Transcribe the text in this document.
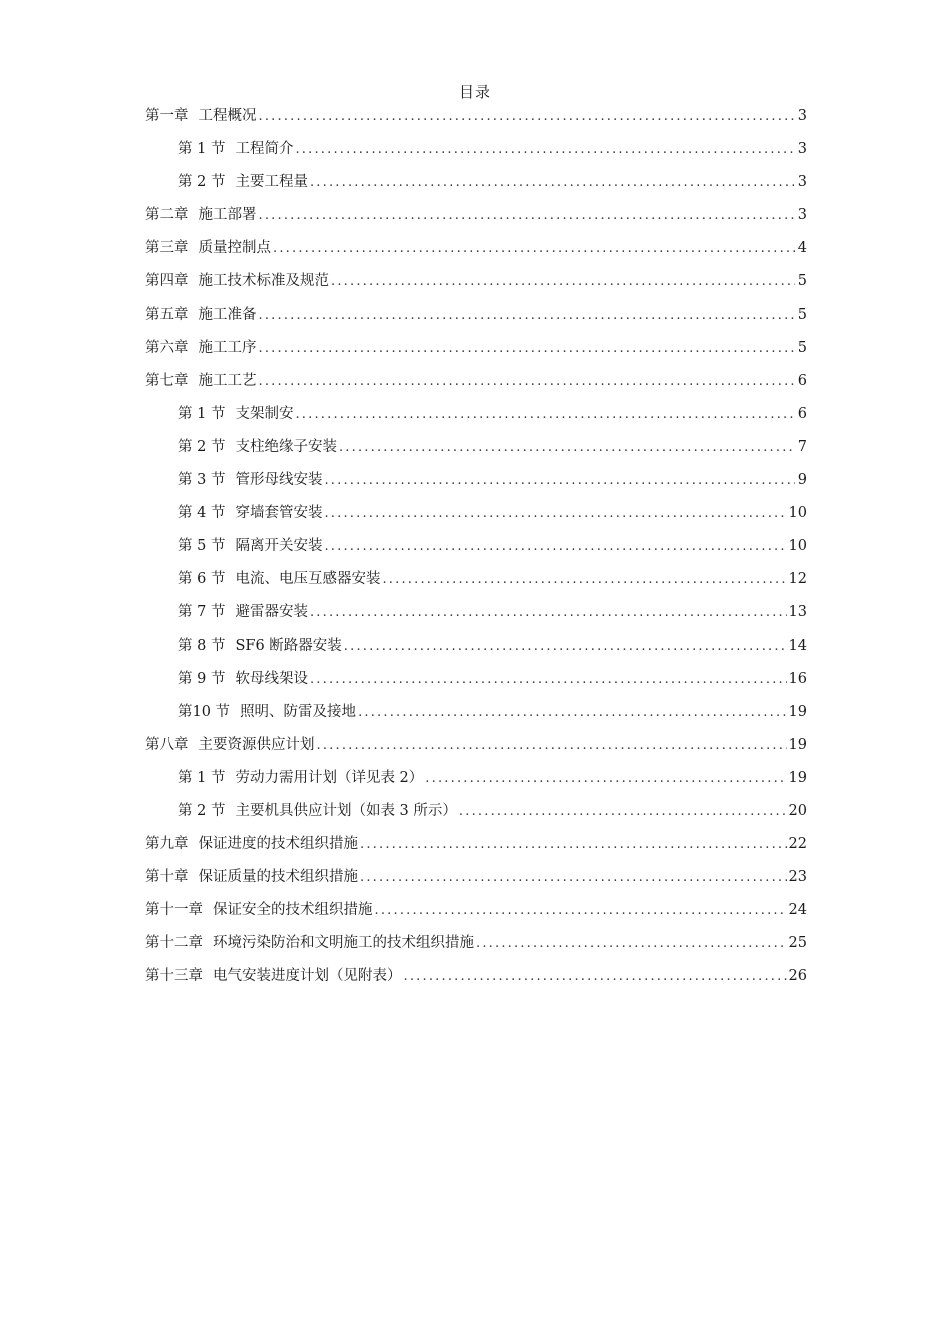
目录
第一章 工程概况 .....	3
第 1 节 工程简介 .....	3
第 2 节 主要工程量 .....	3
第二章 施工部署 .....	3
第三章 质量控制点 .....	4
第四章 施工技术标准及规范 .....	5
第五章 施工准备 .....	5
第六章 施工工序 .....	5
第七章 施工工艺 .....	6
第 1 节 支架制安 .....	6
第 2 节 支柱绝缘子安装 .....	7
第 3 节 管形母线安装 .....	9
第 4 节 穿墙套管安装 .....	10
第 5 节 隔离开关安装 .....	10
第 6 节 电流、电压互感器安装 .....	12
第 7 节 避雷器安装 .....	13
第 8 节 SF6 断路器安装 .....	14
第 9 节 软母线架设 .....	16
第10 节 照明、防雷及接地 .....	19
第八章 主要资源供应计划 .....	19
第 1 节 劳动力需用计划（详见表 2） .....	19
第 2 节 主要机具供应计划（如表 3 所示） .....	20
第九章 保证进度的技术组织措施 .....	22
第十章 保证质量的技术组织措施 .....	23
第十一章 保证安全的技术组织措施 .....	24
第十二章 环境污染防治和文明施工的技术组织措施 .....	25
第十三章 电气安装进度计划（见附表） .....	26
